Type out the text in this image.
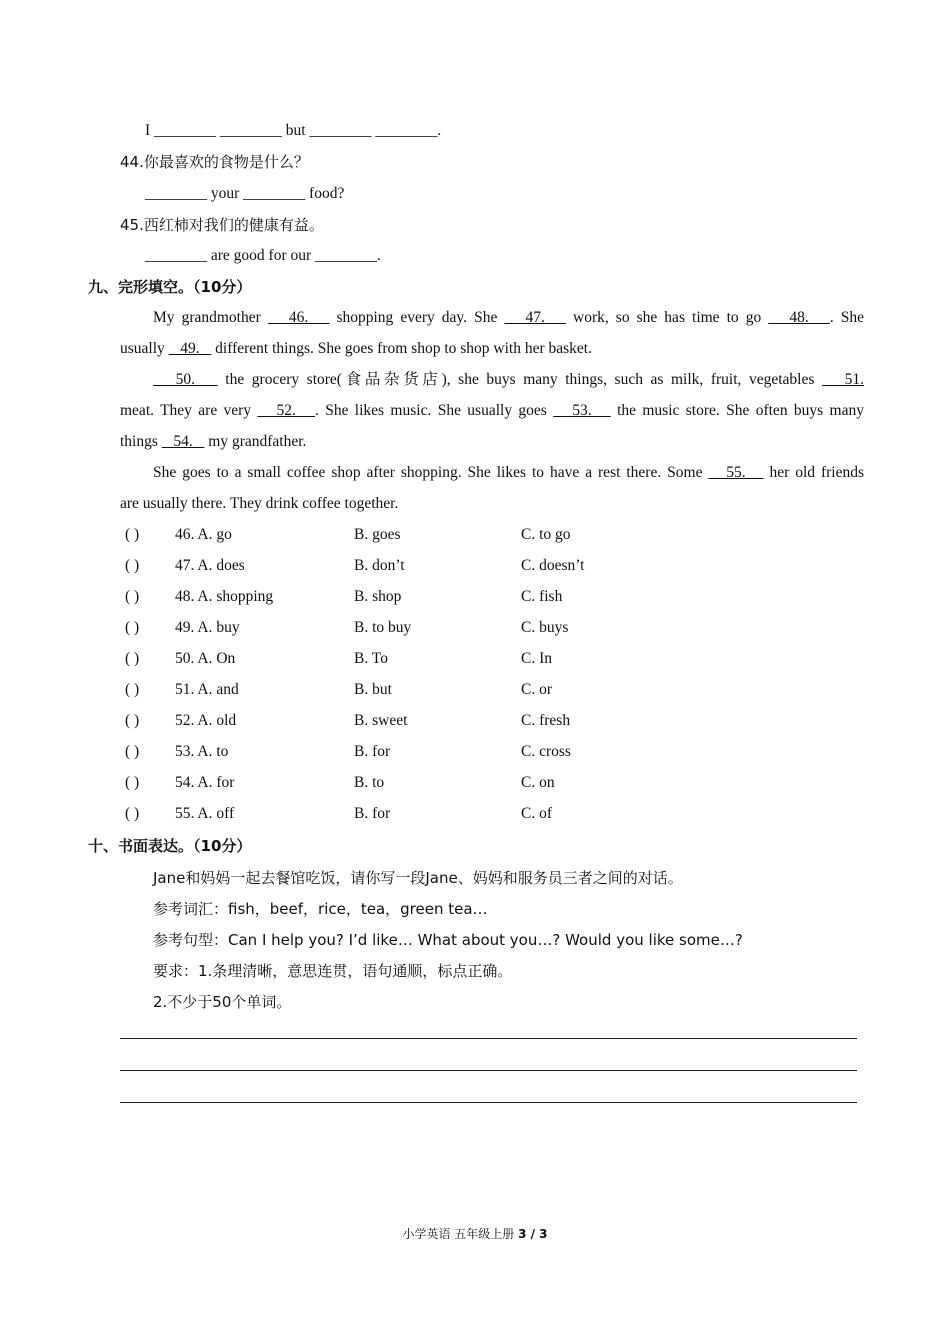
I ________ ________ but ________ ________.
44.你最喜欢的食物是什么？
________ your ________ food?
45.西红柿对我们的健康有益。
________ are good for our ________.
九、完形填空。（10分）
My grandmother    46.    shopping every day. She    47.    work, so she has time to go    48.   . She
usually    49.    different things. She goes from shop to shop with her basket.
50.    the grocery store(食品杂货店), she buys many things, such as milk, fruit, vegetables    51.
meat. They are very    52.   . She likes music. She usually goes    53.    the music store. She often buys many
things    54.    my grandfather.
She goes to a small coffee shop after shopping. She likes to have a rest there. Some    55.    her old friends
are usually there. They drink coffee together.
( ) 46. A. go	B. goes	C. to go
( ) 47. A. does	B. don’t	C. doesn’t
( ) 48. A. shopping	B. shop	C. fish
( ) 49. A. buy	B. to buy	C. buys
( ) 50. A. On	B. To	C. In
( ) 51. A. and	B. but	C. or
( ) 52. A. old	B. sweet	C. fresh
( ) 53. A. to	B. for	C. cross
( ) 54. A. for	B. to	C. on
( ) 55. A. off	B. for	C. of
十、书面表达。（10分）
Jane和妈妈一起去餐馆吃饭，请你写一段Jane、妈妈和服务员三者之间的对话。
参考词汇：fish，beef，rice，tea，green tea…
参考句型：Can I help you? I’d like… What about you…? Would you like some…?
要求：1.条理清晰，意思连贯，语句通顺，标点正确。
2.不少于50个单词。
小学英语 五年级上册 3 / 3
